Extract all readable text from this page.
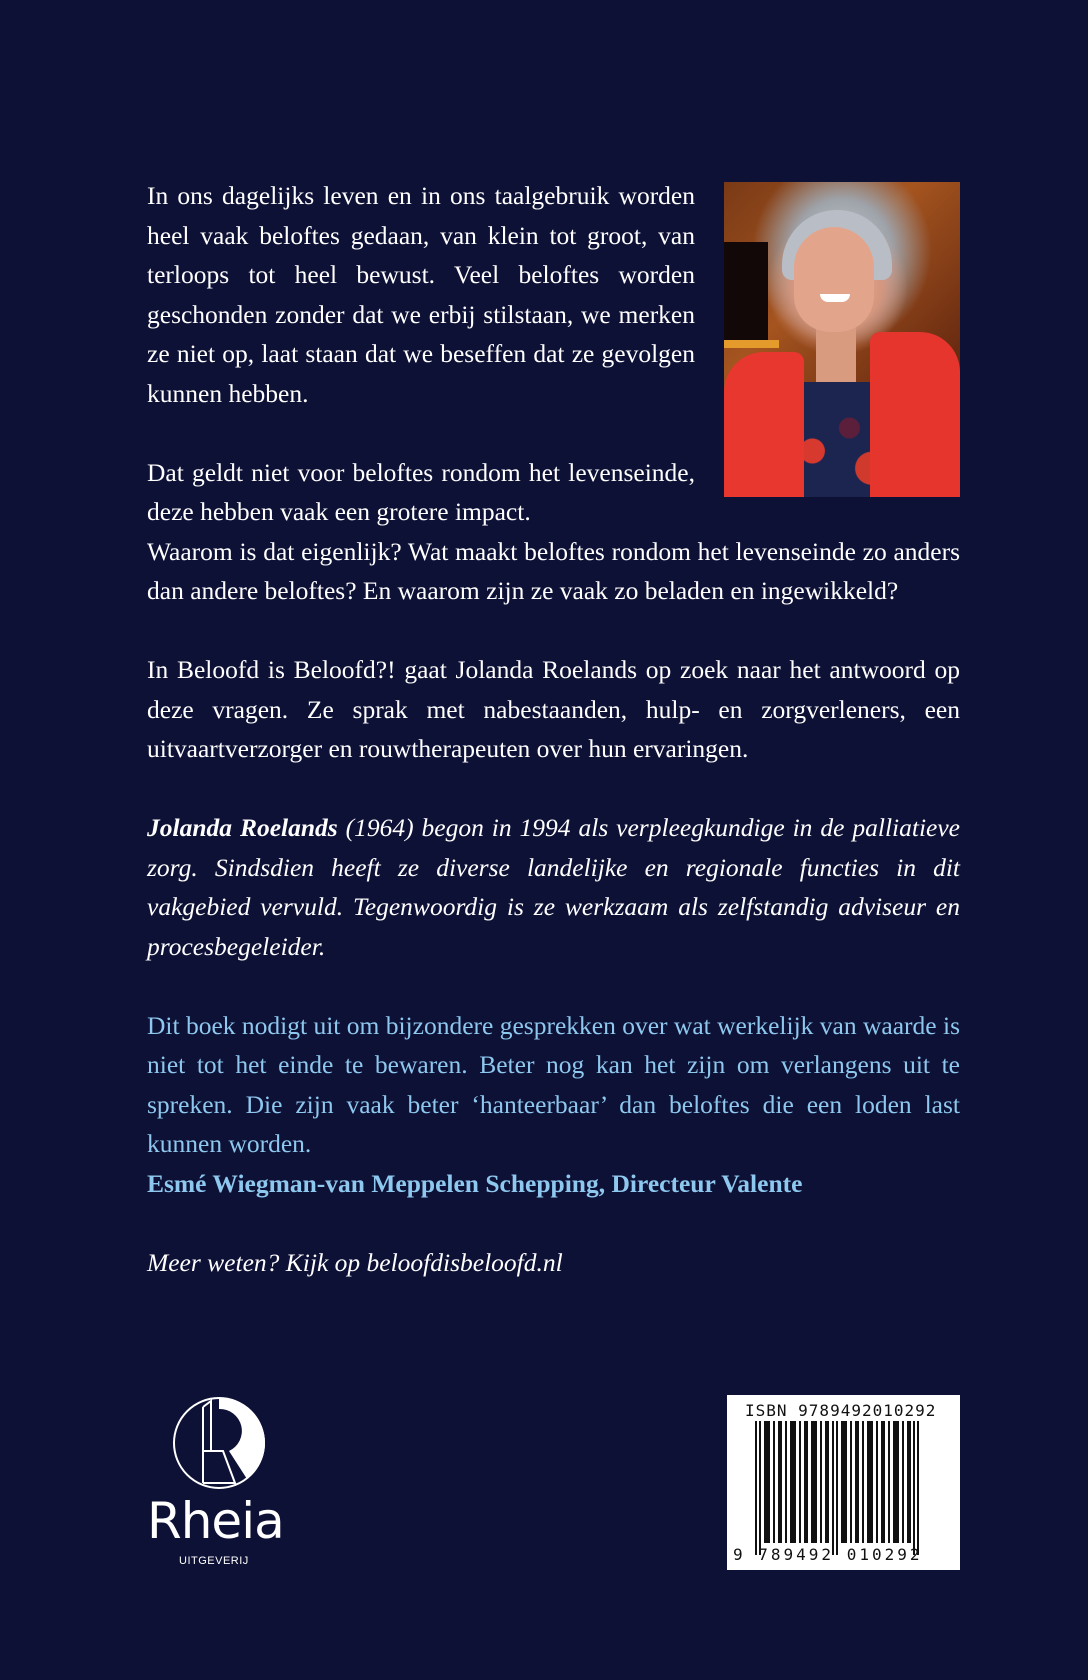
In ons dagelijks leven en in ons taalgebruik worden heel vaak beloftes gedaan, van klein tot groot, van terloops tot heel bewust. Veel beloftes worden geschonden zonder dat we erbij stilstaan, we merken ze niet op, laat staan dat we beseffen dat ze gevolgen kunnen hebben.

Dat geldt niet voor beloftes rondom het levenseinde, deze hebben vaak een grotere impact.

Waarom is dat eigenlijk? Wat maakt beloftes rondom het levenseinde zo anders dan andere beloftes? En waarom zijn ze vaak zo beladen en ingewikkeld?

In Beloofd is Beloofd?! gaat Jolanda Roelands op zoek naar het antwoord op deze vragen. Ze sprak met nabestaanden, hulp- en zorgverleners, een uitvaartverzorger en rouwtherapeuten over hun ervaringen.

Jolanda Roelands (1964) begon in 1994 als verpleegkundige in de palliatieve zorg. Sindsdien heeft ze diverse landelijke en regionale functies in dit vakgebied vervuld. Tegenwoordig is ze werkzaam als zelfstandig adviseur en procesbegeleider.

Dit boek nodigt uit om bijzondere gesprekken over wat werkelijk van waarde is niet tot het einde te bewaren. Beter nog kan het zijn om verlangens uit te spreken. Die zijn vaak beter ‘hanteerbaar’ dan beloftes die een loden last kunnen worden.

Esmé Wiegman-van Meppelen Schepping, Directeur Valente

Meer weten? Kijk op beloofdisbeloofd.nl

Rheia
UITGEVERIJ
ISBN 9789492010292
9 789492 010292
